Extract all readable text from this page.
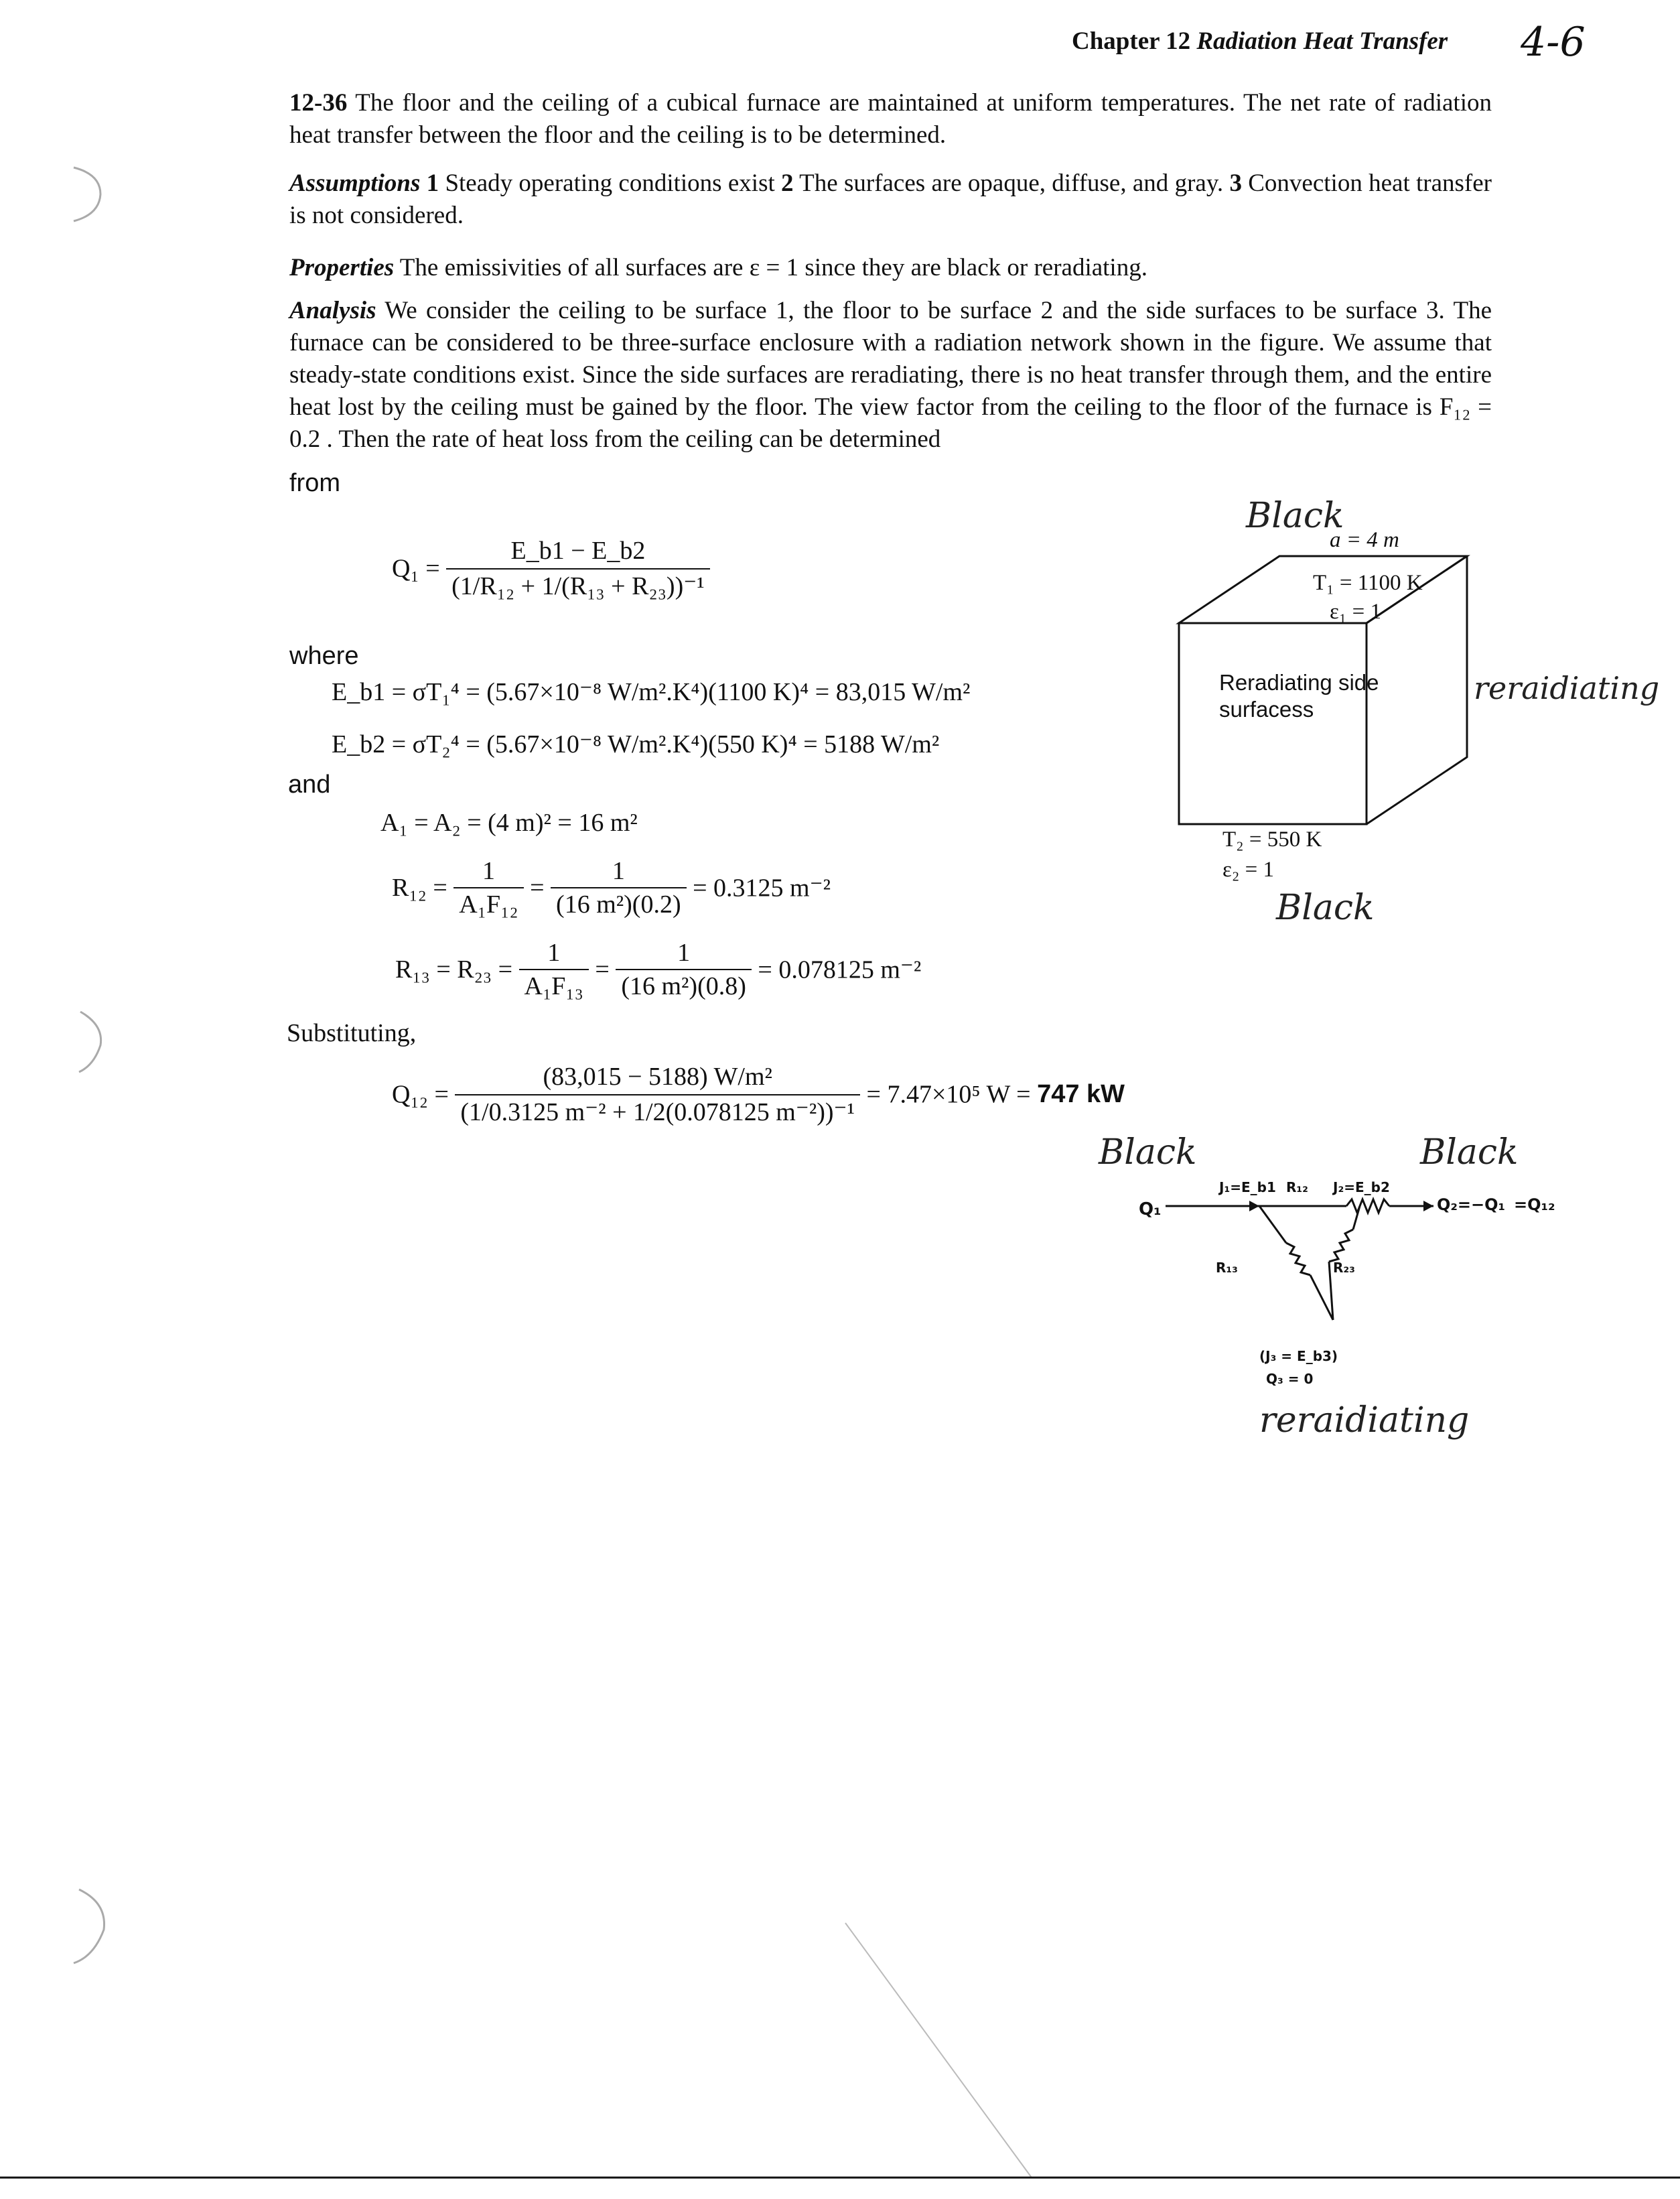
Chapter 12 Radiation Heat Transfer 4-6
12-36 The floor and the ceiling of a cubical furnace are maintained at uniform temperatures. The net rate of radiation heat transfer between the floor and the ceiling is to be determined.
Assumptions 1 Steady operating conditions exist 2 The surfaces are opaque, diffuse, and gray. 3 Convection heat transfer is not considered.
Properties The emissivities of all surfaces are ε = 1 since they are black or reradiating.
Analysis We consider the ceiling to be surface 1, the floor to be surface 2 and the side surfaces to be surface 3. The furnace can be considered to be three-surface enclosure with a radiation network shown in the figure. We assume that steady-state conditions exist. Since the side surfaces are reradiating, there is no heat transfer through them, and the entire heat lost by the ceiling must be gained by the floor. The view factor from the ceiling to the floor of the furnace is F₁₂ = 0.2 . Then the rate of heat loss from the ceiling can be determined
from
$Q_1 = \frac{E\_b1 - E\_b2}{\text{(1/R₁₂ + 1/(R₁₃ + R₂₃))⁻¹}}$
where
E_b1 = σT₁⁴ = (5.67×10⁻⁸ W/m².K⁴)(1100 K)⁴ = 83,015 W/m²
E_b2 = σT₂⁴ = (5.67×10⁻⁸ W/m².K⁴)(550 K)⁴ = 5188 W/m²
and
A₁ = A₂ = (4 m)² = 16 m²
$R_{12} = \frac{1}{\text{A₁F₁₂}} = \frac{1}{\text{(16 m²)(0.2)}} = 0.3125$ m⁻²
$R_{13} = R_{23} = \frac{1}{\text{A₁F₁₃}} = \frac{1}{\text{(16 m²)(0.8)}} = 0.078125$ m⁻²
Substituting,
$Q_{12} = \frac{\text{(83,015 − 5188) W/m²}}{\text{(1/0.3125 m⁻² + 1/2(0.078125 m⁻²))⁻¹}} = 7.47\times 10^5$ W = 747 kW
Black
a = 4 m
T₁ = 1100 K
ε₁ = 1
Reradiating side
surfacess
T₂ = 550 K
ε₂ = 1
Black
reraidiating
Black	Black
Q₁
J₁=E_b1 R₁₂ J₂=E_b2
Q₂=−Q₁ =Q₁₂
R₁₃	R₂₃
(J₃ = E_b3)
Q₃ = 0
reraidiating
